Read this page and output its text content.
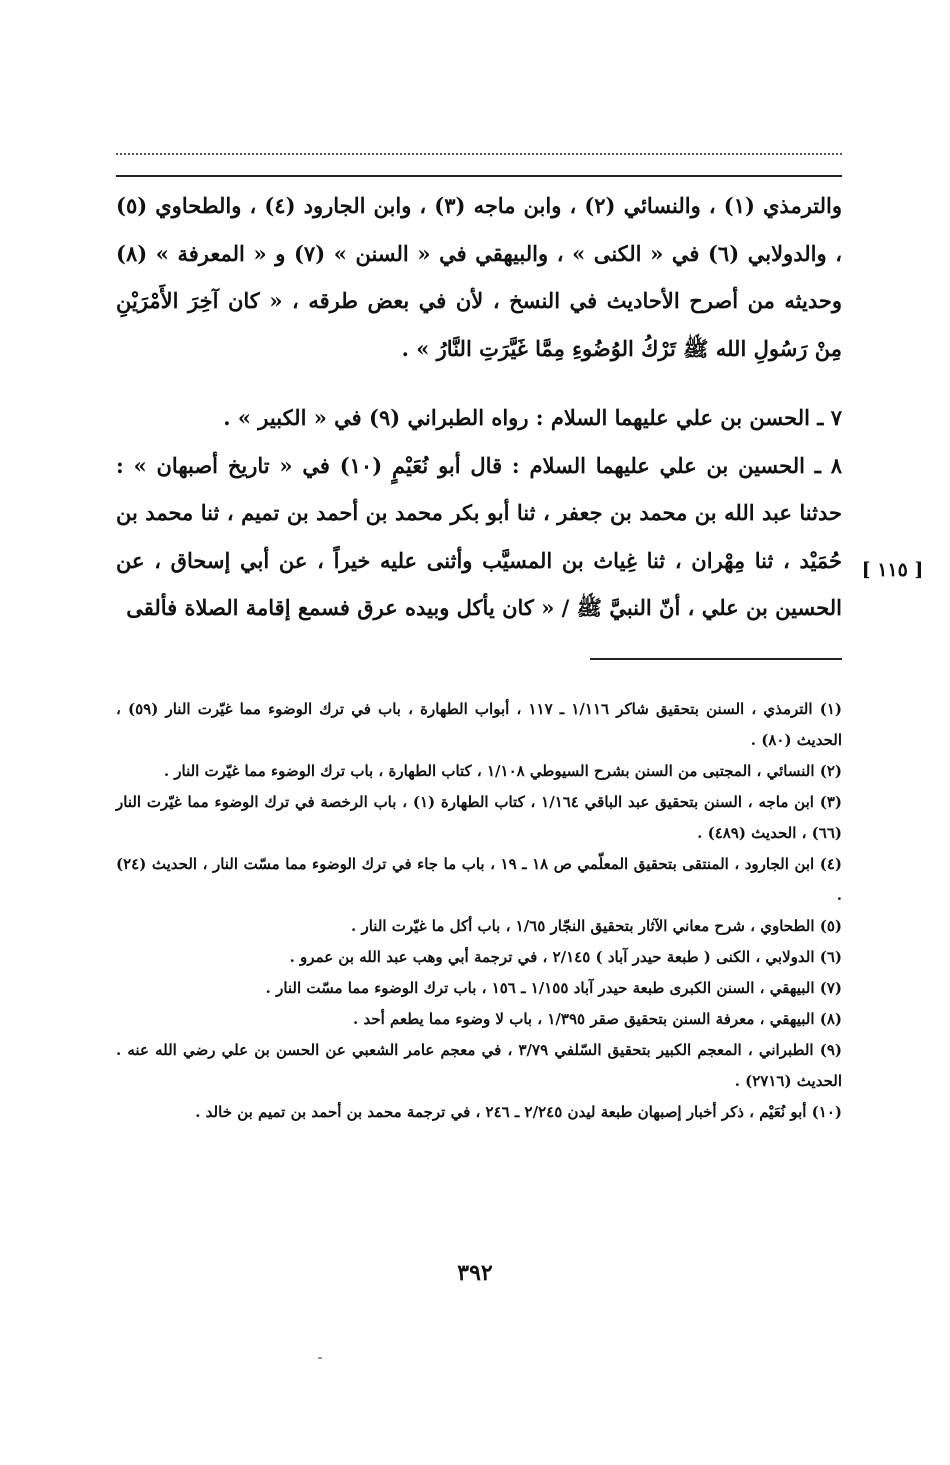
والترمذي (١) ، والنسائي (٢) ، وابن ماجه (٣) ، وابن الجارود (٤) ، والطحاوي (٥) ، والدولابي (٦) في « الكنى » ، والبيهقي في « السنن » (٧) و « المعرفة » (٨) وحديثه من أصرح الأحاديث في النسخ ، لأن في بعض طرقه ، « كان آخِرَ الأَمْرَيْنِ مِنْ رَسُولِ الله ﷺ تَرْكُ الوُضُوءِ مِمَّا غَيَّرَتِ النَّارُ » .

٧ ـ الحسن بن علي عليهما السلام : رواه الطبراني (٩) في « الكبير » .

٨ ـ الحسين بن علي عليهما السلام : قال أبو نُعَيْمٍ (١٠) في « تاريخ أصبهان » : حدثنا عبد الله بن محمد بن جعفر ، ثنا أبو بكر محمد بن أحمد بن تميم ، ثنا محمد بن حُمَيْد ، ثنا مِهْران ، ثنا غِياث بن المسيَّب وأثنى عليه خيراً ، عن أبي إسحاق ، عن الحسين بن علي ، أنّ النبيَّ ﷺ / « كان يأكل وبيده عرق فسمع إقامة الصلاة فألقى

[ ١١٥ ]
(١) الترمذي ، السنن بتحقيق شاكر ١/١١٦ ـ ١١٧ ، أبواب الطهارة ، باب في ترك الوضوء مما غيّرت النار (٥٩) ، الحديث (٨٠) .
(٢) النسائي ، المجتبى من السنن بشرح السيوطي ١/١٠٨ ، كتاب الطهارة ، باب ترك الوضوء مما غيّرت النار .
(٣) ابن ماجه ، السنن بتحقيق عبد الباقي ١/١٦٤ ، كتاب الطهارة (١) ، باب الرخصة في ترك الوضوء مما غيّرت النار (٦٦) ، الحديث (٤٨٩) .
(٤) ابن الجارود ، المنتقى بتحقيق المعلّمي ص ١٨ ـ ١٩ ، باب ما جاء في ترك الوضوء مما مسّت النار ، الحديث (٢٤) .
(٥) الطحاوي ، شرح معاني الآثار بتحقيق النجّار ١/٦٥ ، باب أكل ما غيّرت النار .
(٦) الدولابي ، الكنى ( طبعة حيدر آباد ) ٢/١٤٥ ، في ترجمة أبي وهب عبد الله بن عمرو .
(٧) البيهقي ، السنن الكبرى طبعة حيدر آباد ١/١٥٥ ـ ١٥٦ ، باب ترك الوضوء مما مسّت النار .
(٨) البيهقي ، معرفة السنن بتحقيق صقر ١/٣٩٥ ، باب لا وضوء مما يطعم أحد .
(٩) الطبراني ، المعجم الكبير بتحقيق السّلفي ٣/٧٩ ، في معجم عامر الشعبي عن الحسن بن علي رضي الله عنه . الحديث (٢٧١٦) .
(١٠) أبو نُعَيْم ، ذكر أخبار إصبهان طبعة ليدن ٢/٢٤٥ ـ ٢٤٦ ، في ترجمة محمد بن أحمد بن تميم بن خالد .
٣٩٢
